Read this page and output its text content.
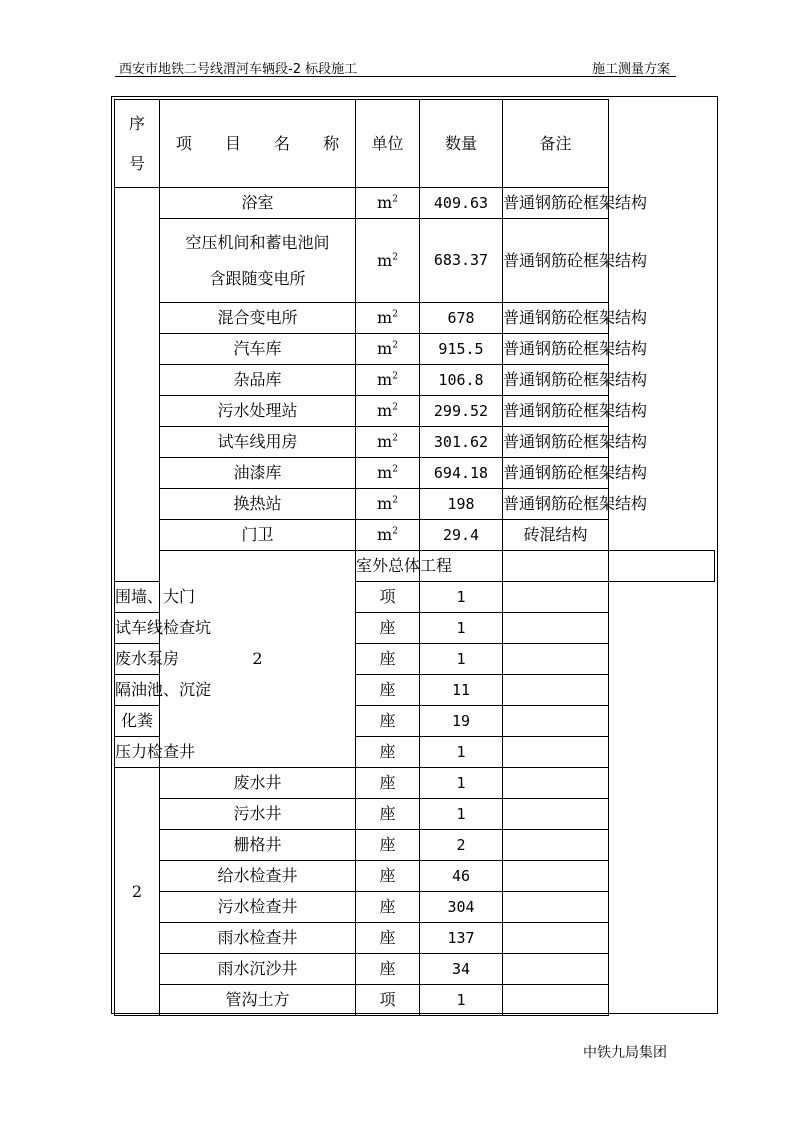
西安市地铁二号线渭河车辆段-2 标段施工	施工测量方案
序
号	项 目 名 称	单位	数量	备注	
	浴室	$m^2$	409.63	普通钢筋砼框架结构	
	空压机间和蓄电池间
含跟随变电所	$m^2$	683.37	普通钢筋砼框架结构	
	混合变电所	$m^2$	678	普通钢筋砼框架结构	
	汽车库	$m^2$	915.5	普通钢筋砼框架结构	
	杂品库	$m^2$	106.8	普通钢筋砼框架结构	
	污水处理站	$m^2$	299.52	普通钢筋砼框架结构	
	试车线用房	$m^2$	301.62	普通钢筋砼框架结构	
	油漆库	$m^2$	694.18	普通钢筋砼框架结构	
	换热站	$m^2$	198	普通钢筋砼框架结构	
	门卫	$m^2$	29.4	砖混结构	
	2	室外总体工程			
围墙、大门		项	1		
试车线检查坑		座	1		
废水泵房		座	1		
隔油池、沉淀		座	11		
化粪		座	19		
压力检查井		座	1		
2	废水井	座	1		
	污水井	座	1		
	栅格井	座	2		
	给水检查井	座	46		
	污水检查井	座	304		
	雨水检查井	座	137		
	雨水沉沙井	座	34		
	管沟土方	项	1		
中铁九局集团
